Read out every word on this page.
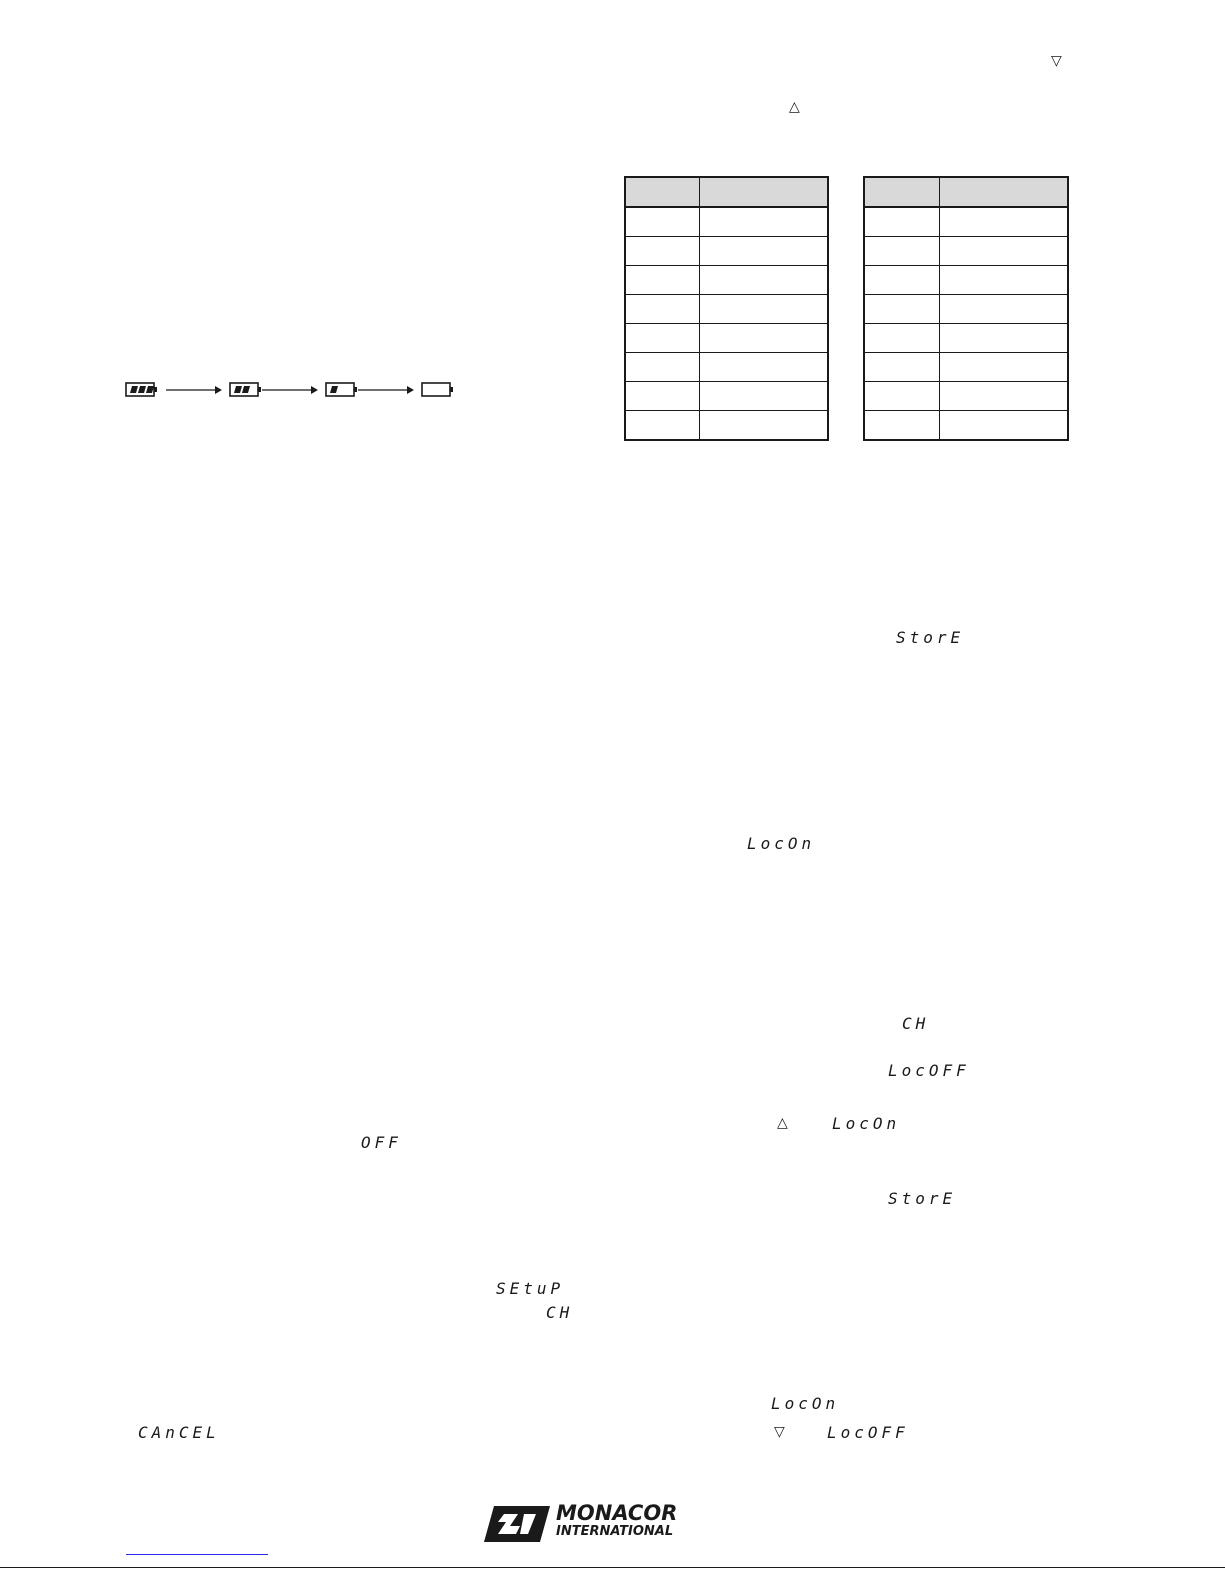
▽
△

StorE
LocOn
CH
LocOFF
△	LocOn
StorE
LocOn
▽	LocOFF
OFF
SEtuP
CH
CAnCEL
MONACOR
INTERNATIONAL
